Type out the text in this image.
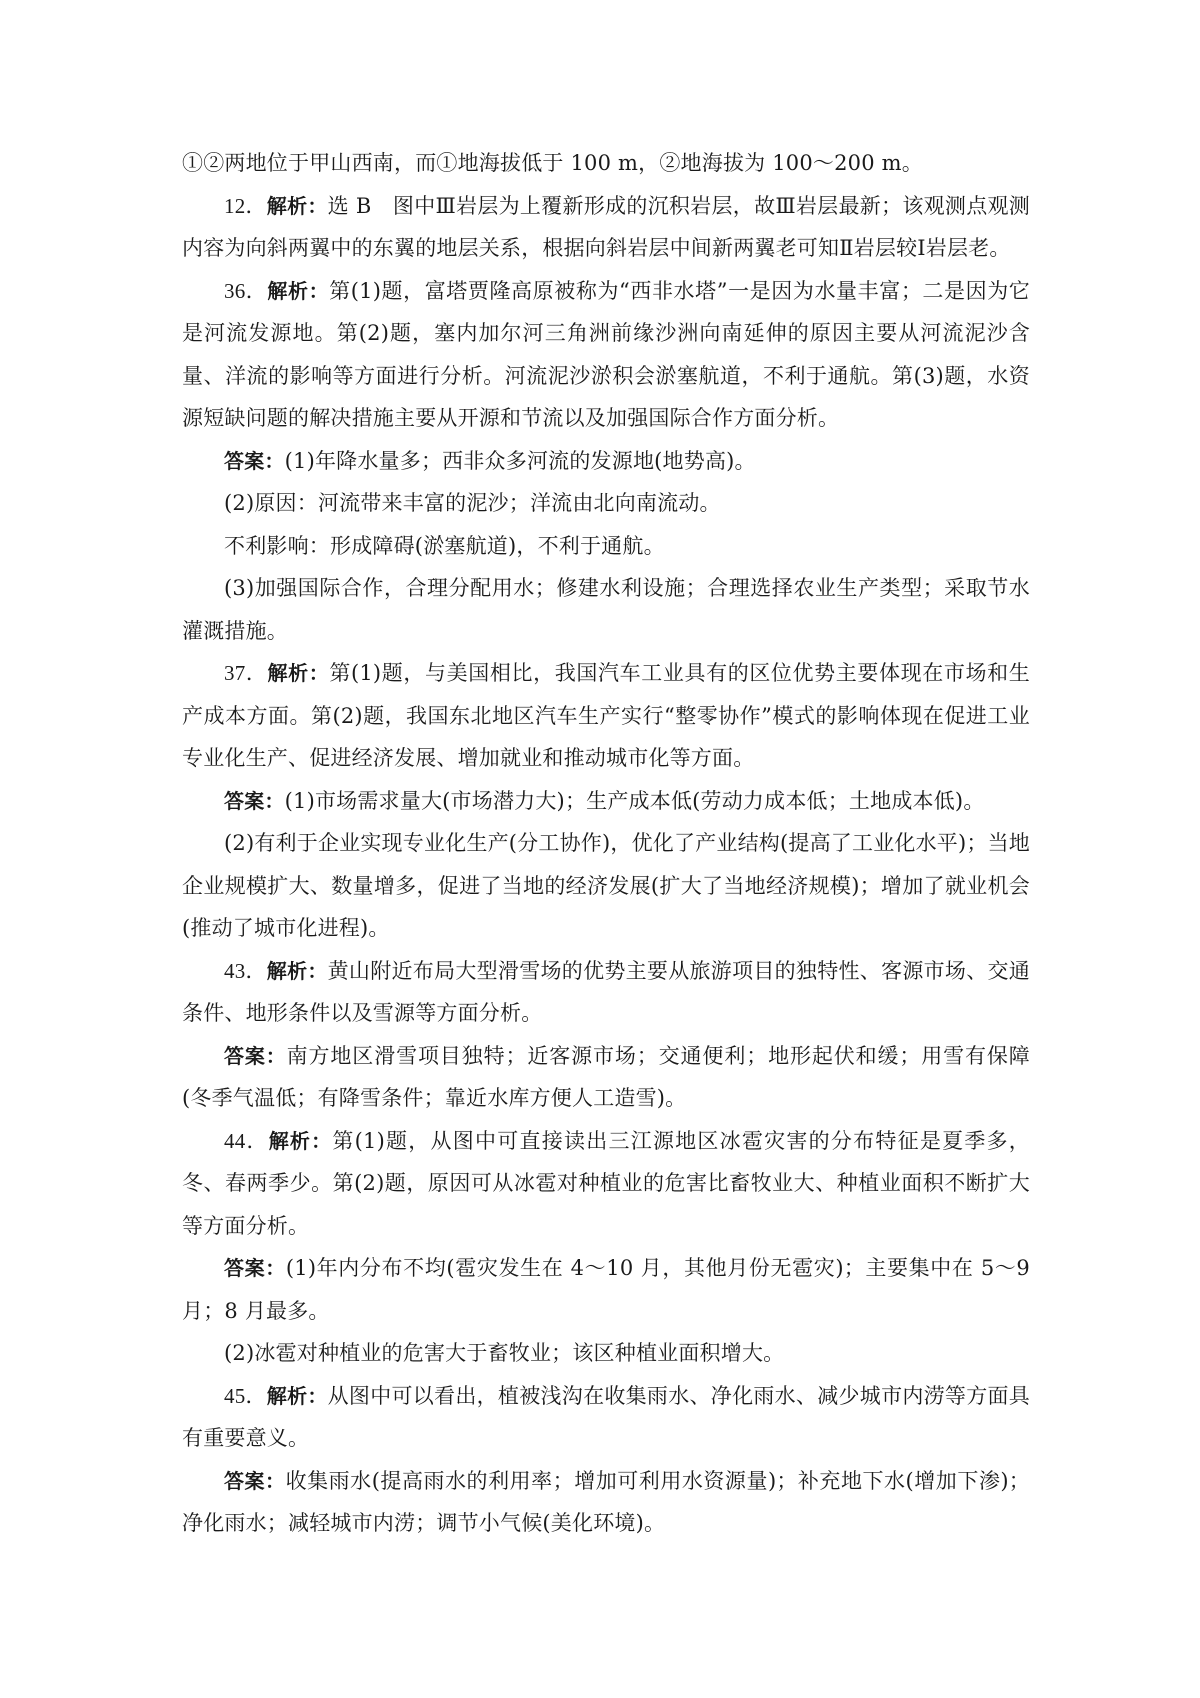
①②两地位于甲山西南，而①地海拔低于 100 m，②地海拔为 100～200 m。

12．解析：选 B　图中Ⅲ岩层为上覆新形成的沉积岩层，故Ⅲ岩层最新；该观测点观测内容为向斜两翼中的东翼的地层关系，根据向斜岩层中间新两翼老可知Ⅱ岩层较Ⅰ岩层老。

36．解析：第(1)题，富塔贾隆高原被称为“西非水塔”一是因为水量丰富；二是因为它是河流发源地。第(2)题，塞内加尔河三角洲前缘沙洲向南延伸的原因主要从河流泥沙含量、洋流的影响等方面进行分析。河流泥沙淤积会淤塞航道，不利于通航。第(3)题，水资源短缺问题的解决措施主要从开源和节流以及加强国际合作方面分析。

答案：(1)年降水量多；西非众多河流的发源地(地势高)。

(2)原因：河流带来丰富的泥沙；洋流由北向南流动。

不利影响：形成障碍(淤塞航道)，不利于通航。

(3)加强国际合作，合理分配用水；修建水利设施；合理选择农业生产类型；采取节水灌溉措施。

37．解析：第(1)题，与美国相比，我国汽车工业具有的区位优势主要体现在市场和生产成本方面。第(2)题，我国东北地区汽车生产实行“整零协作”模式的影响体现在促进工业专业化生产、促进经济发展、增加就业和推动城市化等方面。

答案：(1)市场需求量大(市场潜力大)；生产成本低(劳动力成本低；土地成本低)。

(2)有利于企业实现专业化生产(分工协作)，优化了产业结构(提高了工业化水平)；当地企业规模扩大、数量增多，促进了当地的经济发展(扩大了当地经济规模)；增加了就业机会(推动了城市化进程)。

43．解析：黄山附近布局大型滑雪场的优势主要从旅游项目的独特性、客源市场、交通条件、地形条件以及雪源等方面分析。

答案：南方地区滑雪项目独特；近客源市场；交通便利；地形起伏和缓；用雪有保障(冬季气温低；有降雪条件；靠近水库方便人工造雪)。

44．解析：第(1)题，从图中可直接读出三江源地区冰雹灾害的分布特征是夏季多，冬、春两季少。第(2)题，原因可从冰雹对种植业的危害比畜牧业大、种植业面积不断扩大等方面分析。

答案：(1)年内分布不均(雹灾发生在 4～10 月，其他月份无雹灾)；主要集中在 5～9 月；8 月最多。

(2)冰雹对种植业的危害大于畜牧业；该区种植业面积增大。

45．解析：从图中可以看出，植被浅沟在收集雨水、净化雨水、减少城市内涝等方面具有重要意义。

答案：收集雨水(提高雨水的利用率；增加可利用水资源量)；补充地下水(增加下渗)；净化雨水；减轻城市内涝；调节小气候(美化环境)。
